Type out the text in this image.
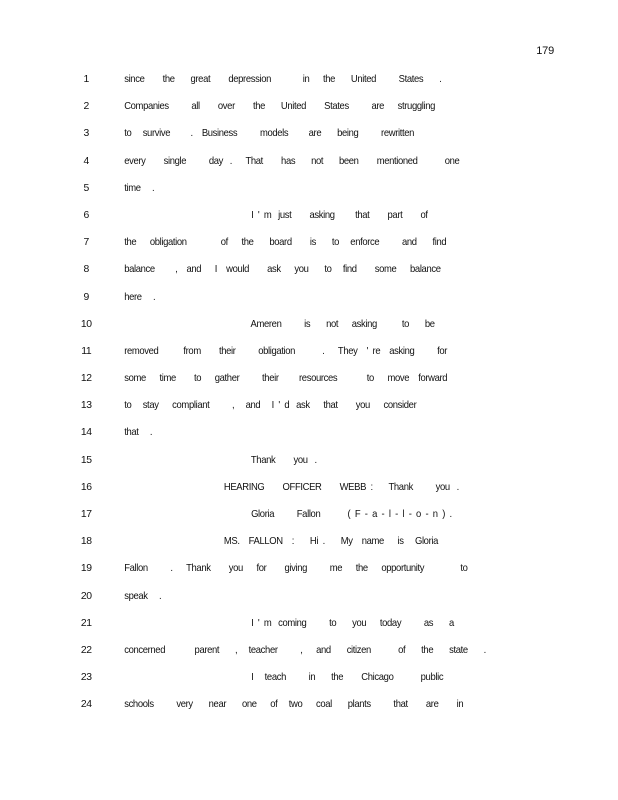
179
1	since        the       great        depression              in      the       United          States       .
2	Companies          all        over        the       United        States          are      struggling
3	to     survive         .    Business          models         are       being          rewritten
4	every        single          day   .      That        has       not       been        mentioned            one
5	time     .
6	I  '  m   just        asking         that        part        of
7	the      obligation               of      the       board        is       to     enforce          and       find
8	balance         ,    and      I    would        ask      you       to     find        some      balance
9	here     .
10	Ameren          is       not      asking           to       be
11	removed           from        their          obligation            .      They    '  re    asking          for
12	some      time        to      gather          their         resources             to      move    forward
13	to     stay      compliant          ,     and     I  '  d   ask      that        you      consider
14	that     .
15	Thank        you   .
16	HEARING        OFFICER        WEBB  :       Thank          you   .
17	Gloria          Fallon            (  F  -  a  -  l  -  l  -  o  -  n  )  .
18	MS.    FALLON    :       Hi  .       My    name      is     Gloria
19	Fallon          .      Thank        you      for        giving          me      the      opportunity                to
20	speak     .
21	I  '  m   coming          to       you      today          as       a
22	concerned             parent       ,     teacher          ,      and       citizen            of       the       state       .
23	I     teach          in       the        Chicago            public
24	schools          very       near       one      of     two      coal       plants          that        are        in
